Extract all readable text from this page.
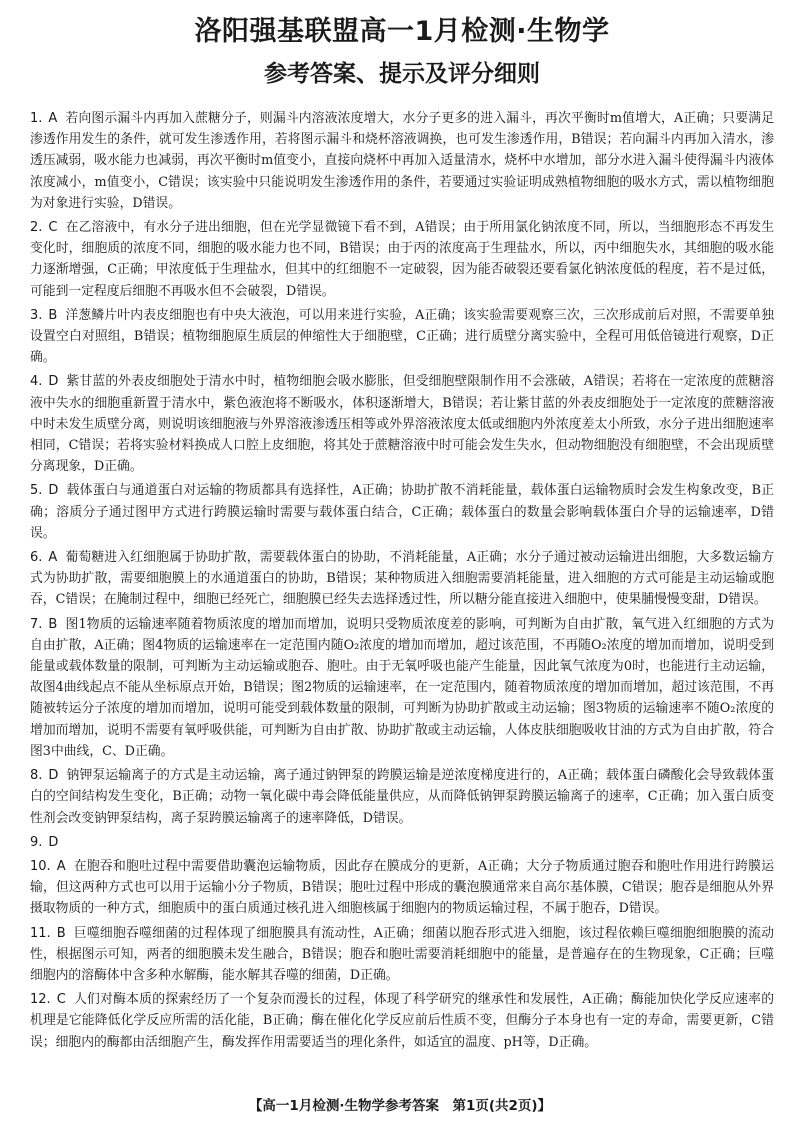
洛阳强基联盟高一1月检测·生物学
参考答案、提示及评分细则

1. A 若向图示漏斗内再加入蔗糖分子，则漏斗内溶液浓度增大，水分子更多的进入漏斗，再次平衡时m值增大，A正确；只要满足渗透作用发生的条件，就可发生渗透作用，若将图示漏斗和烧杯溶液调换，也可发生渗透作用，B错误；若向漏斗内再加入清水，渗透压减弱，吸水能力也减弱，再次平衡时m值变小，直接向烧杯中再加入适量清水，烧杯中水增加，部分水进入漏斗使得漏斗内液体浓度减小，m值变小，C错误；该实验中只能说明发生渗透作用的条件，若要通过实验证明成熟植物细胞的吸水方式，需以植物细胞为对象进行实验，D错误。

2. C 在乙溶液中，有水分子进出细胞，但在光学显微镜下看不到，A错误；由于所用氯化钠浓度不同，所以，当细胞形态不再发生变化时，细胞质的浓度不同，细胞的吸水能力也不同，B错误；由于丙的浓度高于生理盐水，所以，丙中细胞失水，其细胞的吸水能力逐渐增强，C正确；甲浓度低于生理盐水，但其中的红细胞不一定破裂，因为能否破裂还要看氯化钠浓度低的程度，若不是过低，可能到一定程度后细胞不再吸水但不会破裂，D错误。

3. B 洋葱鳞片叶内表皮细胞也有中央大液泡，可以用来进行实验，A正确；该实验需要观察三次，三次形成前后对照，不需要单独设置空白对照组，B错误；植物细胞原生质层的伸缩性大于细胞壁，C正确；进行质壁分离实验中，全程可用低倍镜进行观察，D正确。

4. D 紫甘蓝的外表皮细胞处于清水中时，植物细胞会吸水膨胀，但受细胞壁限制作用不会涨破，A错误；若将在一定浓度的蔗糖溶液中失水的细胞重新置于清水中，紫色液泡将不断吸水，体积逐渐增大，B错误；若让紫甘蓝的外表皮细胞处于一定浓度的蔗糖溶液中时未发生质壁分离，则说明该细胞液与外界溶液渗透压相等或外界溶液浓度太低或细胞内外浓度差太小所致，水分子进出细胞速率相同，C错误；若将实验材料换成人口腔上皮细胞，将其处于蔗糖溶液中时可能会发生失水，但动物细胞没有细胞壁，不会出现质壁分离现象，D正确。

5. D 载体蛋白与通道蛋白对运输的物质都具有选择性，A正确；协助扩散不消耗能量，载体蛋白运输物质时会发生构象改变，B正确；溶质分子通过图甲方式进行跨膜运输时需要与载体蛋白结合，C正确；载体蛋白的数量会影响载体蛋白介导的运输速率，D错误。

6. A 葡萄糖进入红细胞属于协助扩散，需要载体蛋白的协助，不消耗能量，A正确；水分子通过被动运输进出细胞，大多数运输方式为协助扩散，需要细胞膜上的水通道蛋白的协助，B错误；某种物质进入细胞需要消耗能量，进入细胞的方式可能是主动运输或胞吞，C错误；在腌制过程中，细胞已经死亡，细胞膜已经失去选择透过性，所以糖分能直接进入细胞中，使果脯慢慢变甜，D错误。

7. B 图1物质的运输速率随着物质浓度的增加而增加，说明只受物质浓度差的影响，可判断为自由扩散，氧气进入红细胞的方式为自由扩散，A正确；图4物质的运输速率在一定范围内随O₂浓度的增加而增加，超过该范围，不再随O₂浓度的增加而增加，说明受到能量或载体数量的限制，可判断为主动运输或胞吞、胞吐。由于无氧呼吸也能产生能量，因此氧气浓度为0时，也能进行主动运输，故图4曲线起点不能从坐标原点开始，B错误；图2物质的运输速率，在一定范围内，随着物质浓度的增加而增加，超过该范围，不再随被转运分子浓度的增加而增加，说明可能受到载体数量的限制，可判断为协助扩散或主动运输；图3物质的运输速率不随O₂浓度的增加而增加，说明不需要有氧呼吸供能，可判断为自由扩散、协助扩散或主动运输，人体皮肤细胞吸收甘油的方式为自由扩散，符合图3中曲线，C、D正确。

8. D 钠钾泵运输离子的方式是主动运输，离子通过钠钾泵的跨膜运输是逆浓度梯度进行的，A正确；载体蛋白磷酸化会导致载体蛋白的空间结构发生变化，B正确；动物一氧化碳中毒会降低能量供应，从而降低钠钾泵跨膜运输离子的速率，C正确；加入蛋白质变性剂会改变钠钾泵结构，离子泵跨膜运输离子的速率降低，D错误。

9. D

10. A 在胞吞和胞吐过程中需要借助囊泡运输物质，因此存在膜成分的更新，A正确；大分子物质通过胞吞和胞吐作用进行跨膜运输，但这两种方式也可以用于运输小分子物质，B错误；胞吐过程中形成的囊泡膜通常来自高尔基体膜，C错误；胞吞是细胞从外界摄取物质的一种方式，细胞质中的蛋白质通过核孔进入细胞核属于细胞内的物质运输过程，不属于胞吞，D错误。

11. B 巨噬细胞吞噬细菌的过程体现了细胞膜具有流动性，A正确；细菌以胞吞形式进入细胞，该过程依赖巨噬细胞细胞膜的流动性，根据图示可知，两者的细胞膜未发生融合，B错误；胞吞和胞吐需要消耗细胞中的能量，是普遍存在的生物现象，C正确；巨噬细胞内的溶酶体中含多种水解酶，能水解其吞噬的细菌，D正确。

12. C 人们对酶本质的探索经历了一个复杂而漫长的过程，体现了科学研究的继承性和发展性，A正确；酶能加快化学反应速率的机理是它能降低化学反应所需的活化能，B正确；酶在催化化学反应前后性质不变，但酶分子本身也有一定的寿命，需要更新，C错误；细胞内的酶都由活细胞产生，酶发挥作用需要适当的理化条件，如适宜的温度、pH等，D正确。

【高一1月检测·生物学参考答案　第1页(共2页)】
